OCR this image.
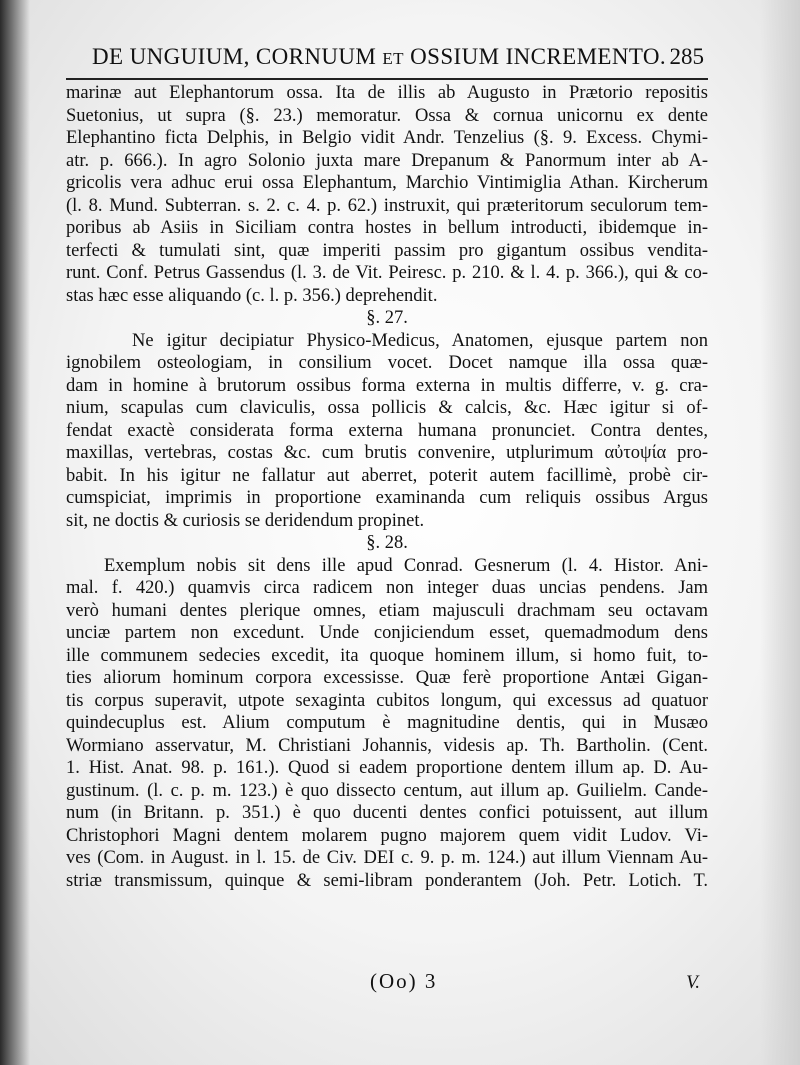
DE UNGUIUM, CORNUUM ET OSSIUM INCREMENTO. 285
marinæ aut Elephantorum ossa. Ita de illis ab Augusto in Prætorio repositis
Suetonius, ut supra (§. 23.) memoratur. Ossa & cornua unicornu ex dente
Elephantino ficta Delphis, in Belgio vidit Andr. Tenzelius (§. 9. Excess. Chymi-
atr. p. 666.). In agro Solonio juxta mare Drepanum & Panormum inter ab A-
gricolis vera adhuc erui ossa Elephantum, Marchio Vintimiglia Athan. Kircherum
(l. 8. Mund. Subterran. s. 2. c. 4. p. 62.) instruxit, qui præteritorum seculorum tem-
poribus ab Asiis in Siciliam contra hostes in bellum introducti, ibidemque in-
terfecti & tumulati sint, quæ imperiti passim pro gigantum ossibus vendita-
runt. Conf. Petrus Gassendus (l. 3. de Vit. Peiresc. p. 210. & l. 4. p. 366.), qui & co-
stas hæc esse aliquando (c. l. p. 356.) deprehendit.
§. 27.
Ne igitur decipiatur Physico-Medicus, Anatomen, ejusque partem non
ignobilem osteologiam, in consilium vocet. Docet namque illa ossa quæ-
dam in homine à brutorum ossibus forma externa in multis differre, v. g. cra-
nium, scapulas cum claviculis, ossa pollicis & calcis, &c. Hæc igitur si of-
fendat exactè considerata forma externa humana pronunciet. Contra dentes,
maxillas, vertebras, costas &c. cum brutis convenire, utplurimum αὐτοψία pro-
babit. In his igitur ne fallatur aut aberret, poterit autem facillimè, probè cir-
cumspiciat, imprimis in proportione examinanda cum reliquis ossibus Argus
sit, ne doctis & curiosis se deridendum propinet.
§. 28.
Exemplum nobis sit dens ille apud Conrad. Gesnerum (l. 4. Histor. Ani-
mal. f. 420.) quamvis circa radicem non integer duas uncias pendens. Jam
verò humani dentes plerique omnes, etiam majusculi drachmam seu octavam
unciæ partem non excedunt. Unde conjiciendum esset, quemadmodum dens
ille communem sedecies excedit, ita quoque hominem illum, si homo fuit, to-
ties aliorum hominum corpora excessisse. Quæ ferè proportione Antæi Gigan-
tis corpus superavit, utpote sexaginta cubitos longum, qui excessus ad quatuor
quindecuplus est. Alium computum è magnitudine dentis, qui in Musæo
Wormiano asservatur, M. Christiani Johannis, videsis ap. Th. Bartholin. (Cent.
1. Hist. Anat. 98. p. 161.). Quod si eadem proportione dentem illum ap. D. Au-
gustinum. (l. c. p. m. 123.) è quo dissecto centum, aut illum ap. Guilielm. Cande-
num (in Britann. p. 351.) è quo ducenti dentes confici potuissent, aut illum
Christophori Magni dentem molarem pugno majorem quem vidit Ludov. Vi-
ves (Com. in August. in l. 15. de Civ. DEI c. 9. p. m. 124.) aut illum Viennam Au-
striæ transmissum, quinque & semi-libram ponderantem (Joh. Petr. Lotich. T.
(Oo) 3	V.
